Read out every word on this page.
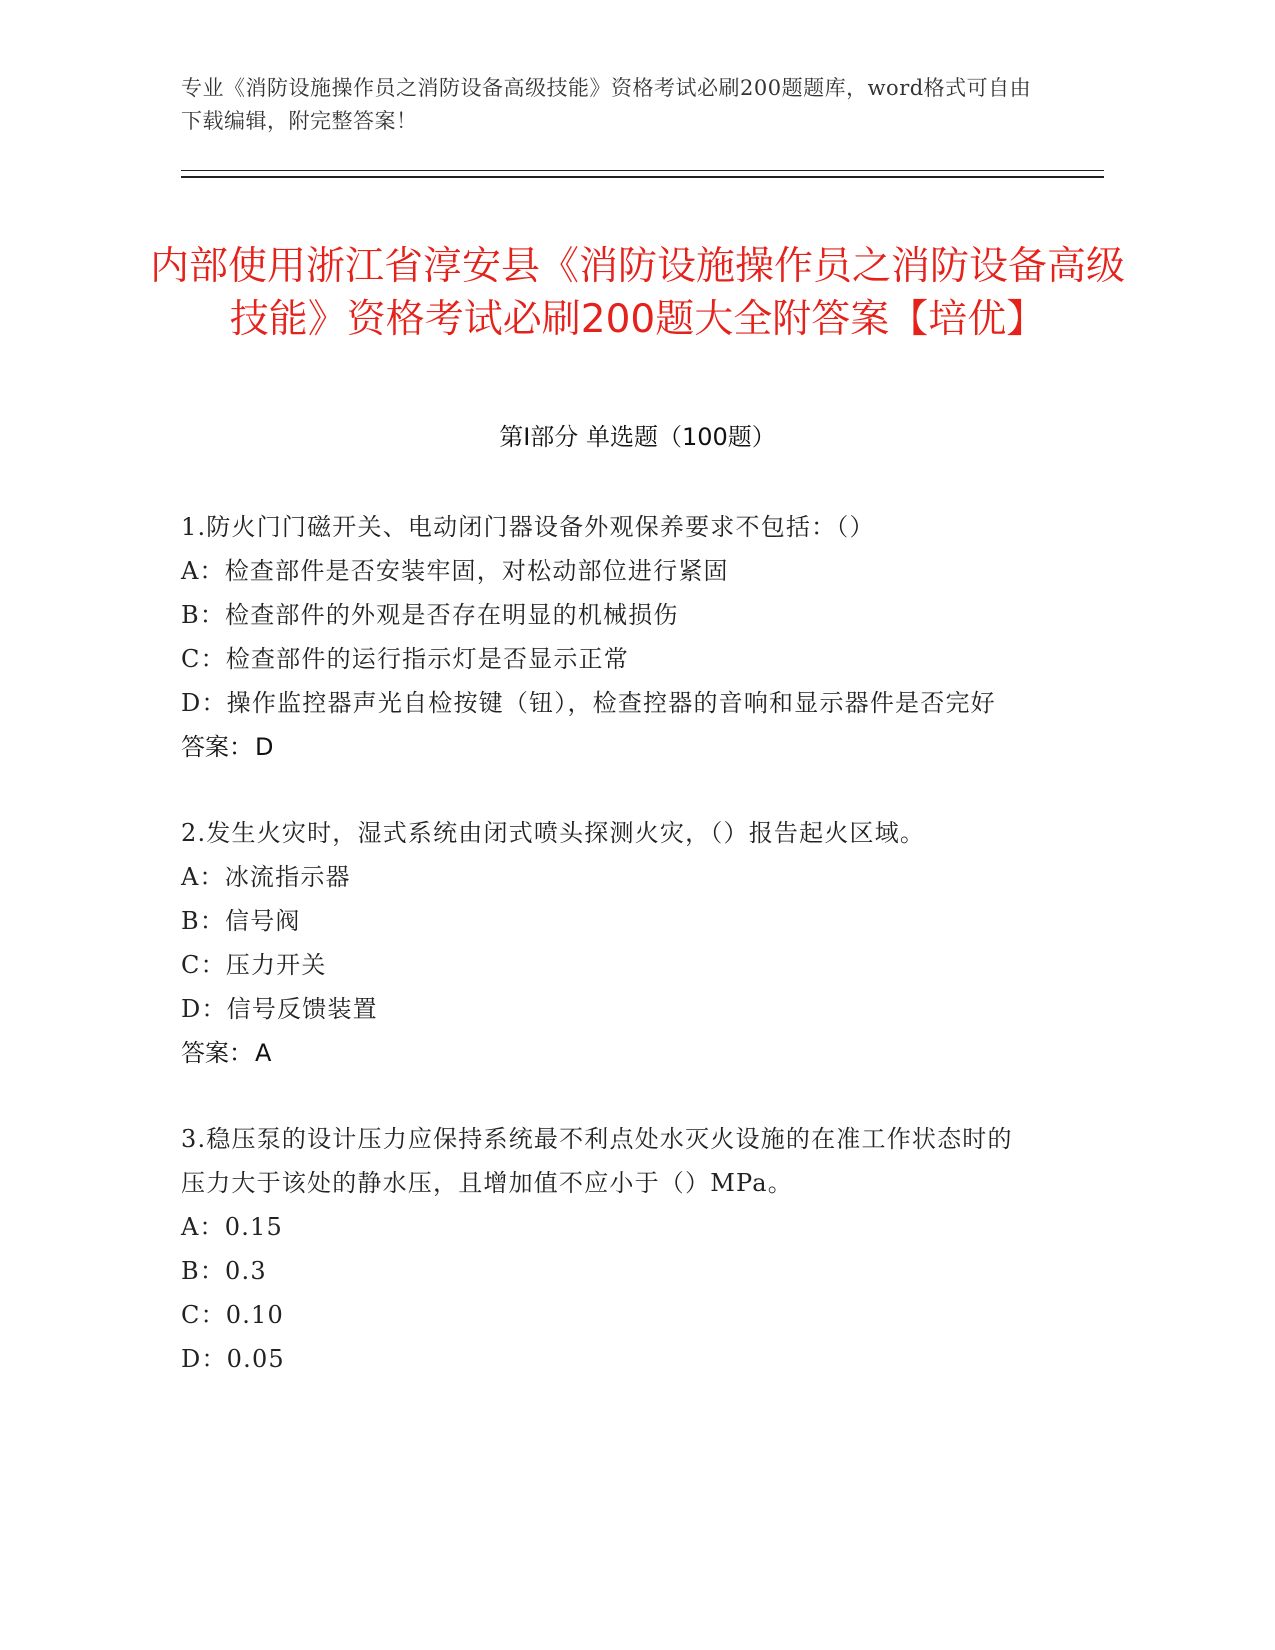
专业《消防设施操作员之消防设备高级技能》资格考试必刷200题题库，word格式可自由下载编辑，附完整答案！
内部使用浙江省淳安县《消防设施操作员之消防设备高级技能》资格考试必刷200题大全附答案【培优】
第Ⅰ部分 单选题（100题）
1.防火门门磁开关、电动闭门器设备外观保养要求不包括：（）
A：检查部件是否安装牢固，对松动部位进行紧固
B：检查部件的外观是否存在明显的机械损伤
C：检查部件的运行指示灯是否显示正常
D：操作监控器声光自检按键（钮），检查控器的音响和显示器件是否完好
答案：D
2.发生火灾时，湿式系统由闭式喷头探测火灾，（）报告起火区域。
A：冰流指示器
B：信号阀
C：压力开关
D：信号反馈装置
答案：A
3.稳压泵的设计压力应保持系统最不利点处水灭火设施的在准工作状态时的压力大于该处的静水压，且增加值不应小于（）MPa。
A：0.15
B：0.3
C：0.10
D：0.05
